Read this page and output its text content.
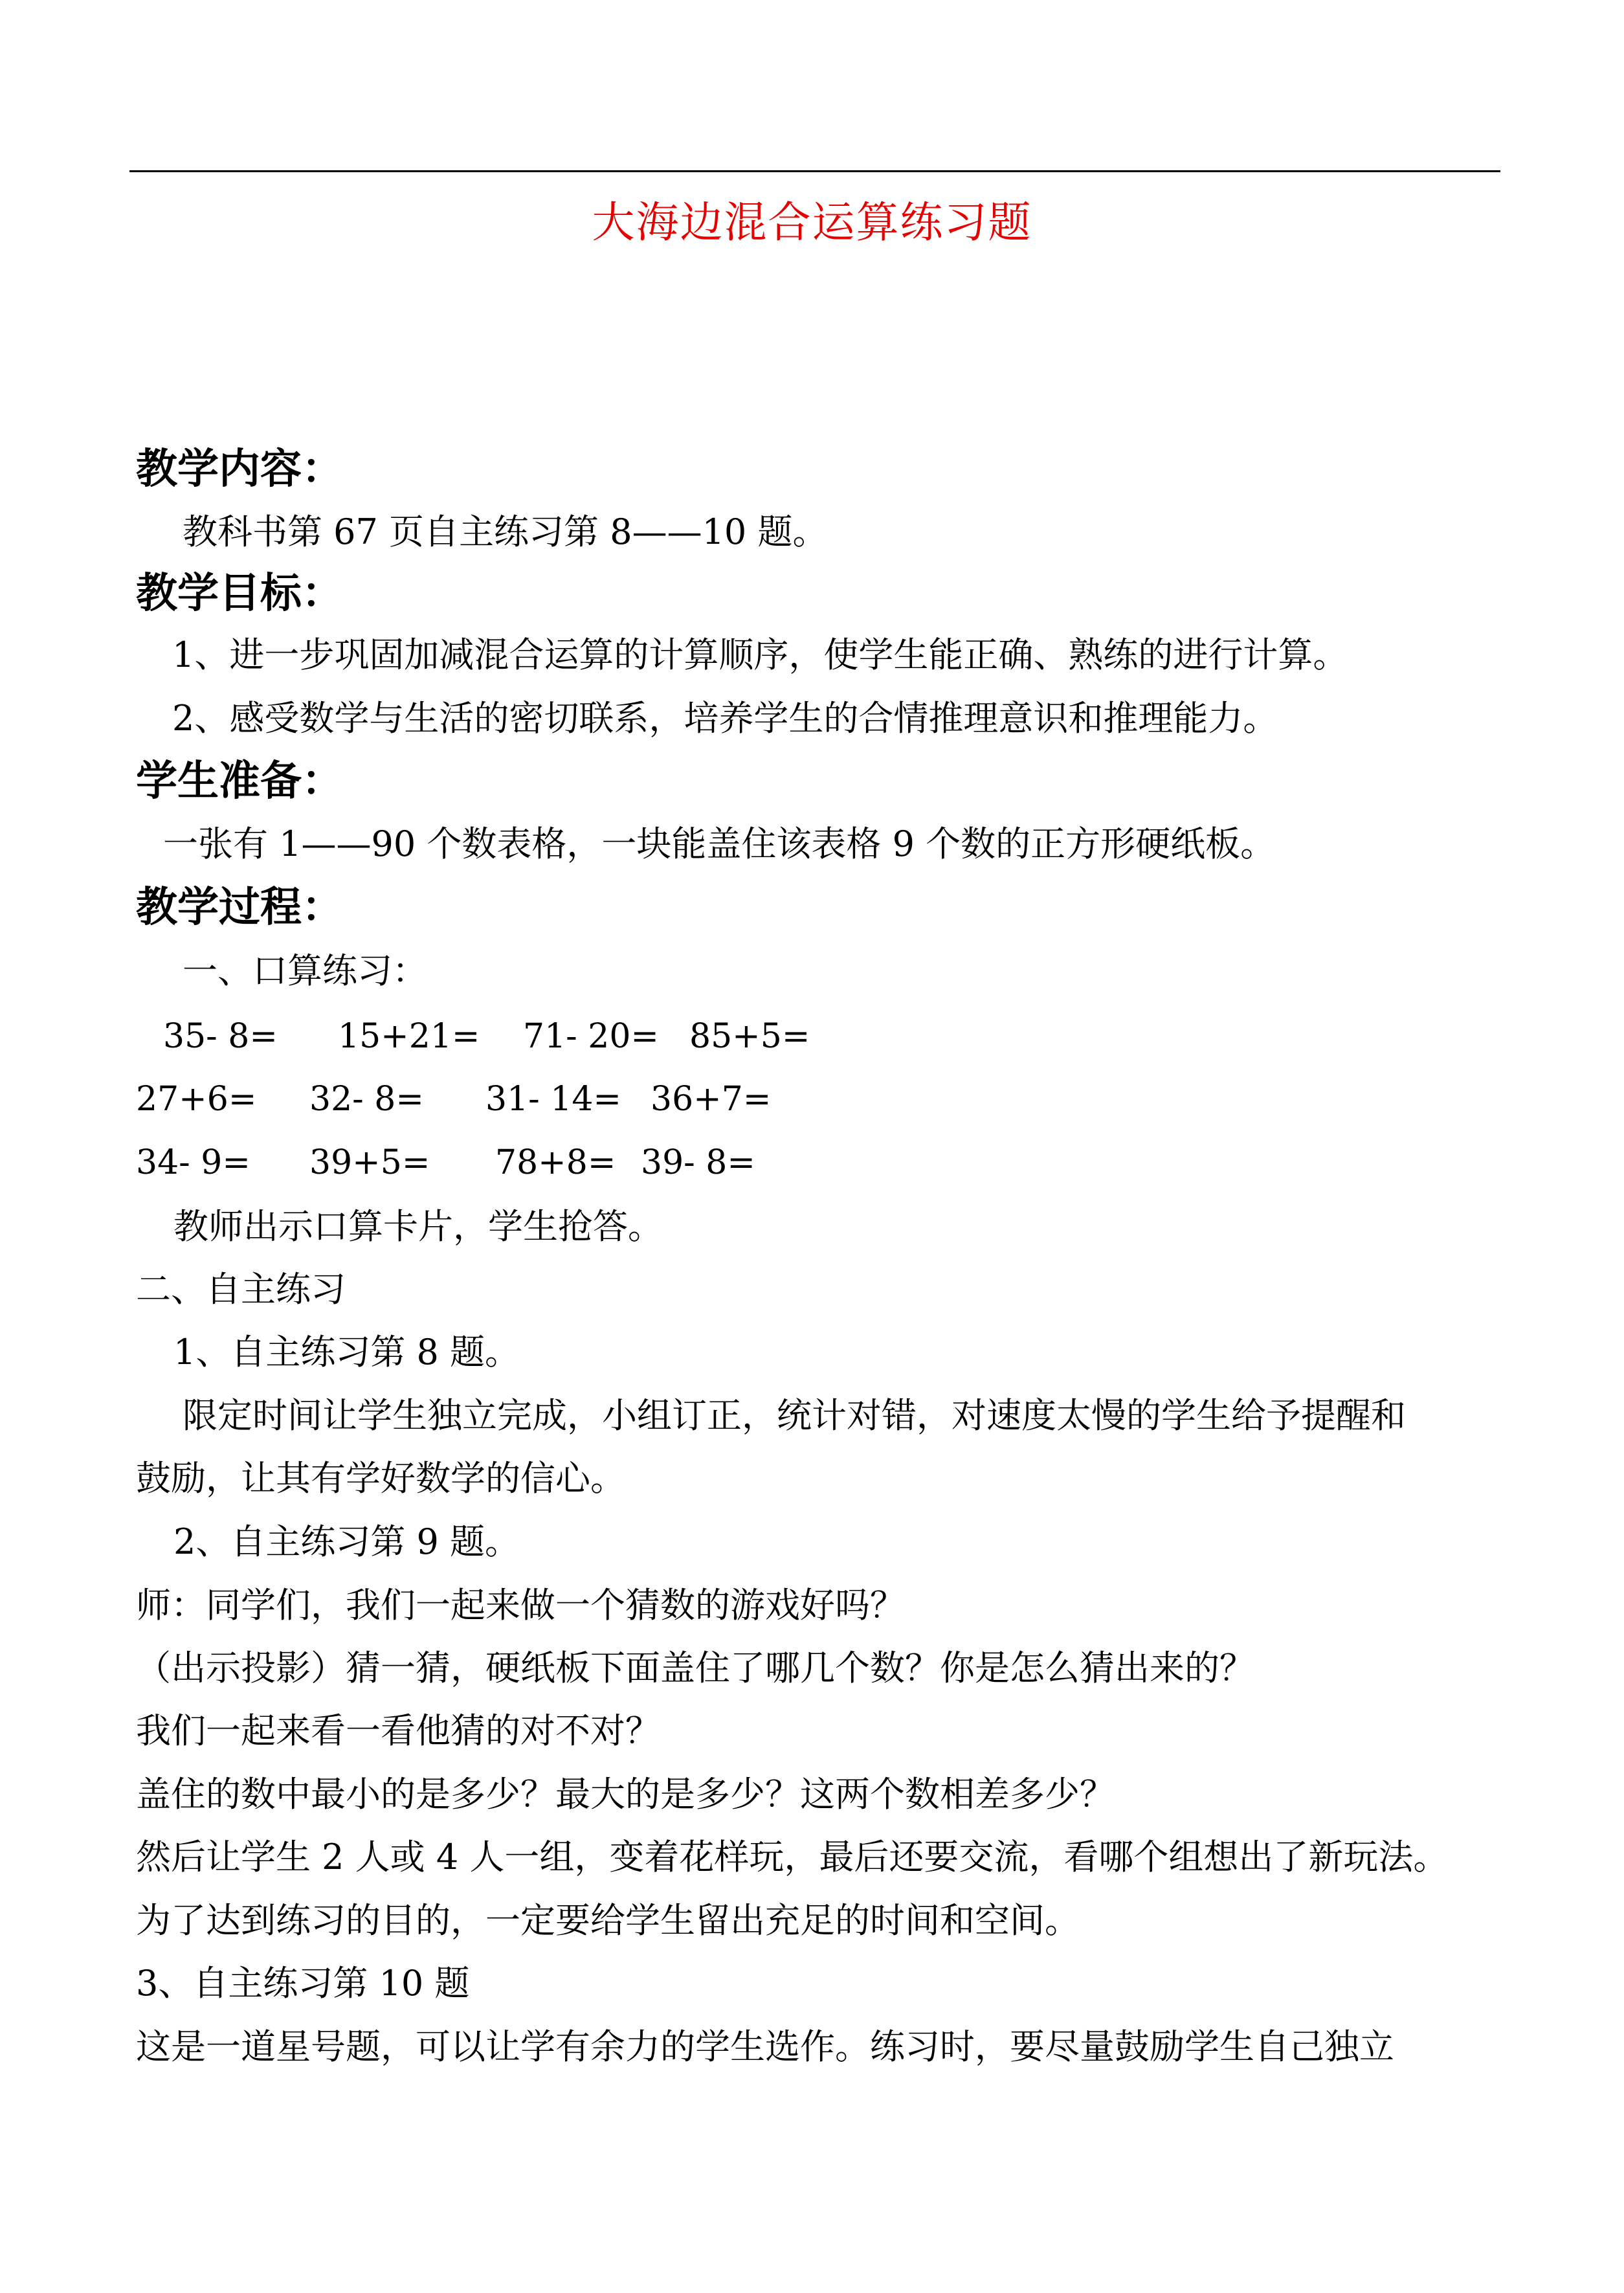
大海边混合运算练习题
教学内容：
教科书第 67 页自主练习第 8——10 题。
教学目标：
1、进一步巩固加减混合运算的计算顺序，使学生能正确、熟练的进行计算。
2、感受数学与生活的密切联系，培养学生的合情推理意识和推理能力。
学生准备：
一张有 1——90 个数表格，一块能盖住该表格 9 个数的正方形硬纸板。
教学过程：
一、口算练习：
35- 8= 15+21= 71- 20= 85+5=
27+6= 32- 8= 31- 14= 36+7=
34- 9= 39+5= 78+8= 39- 8=
教师出示口算卡片，学生抢答。
二、自主练习
1、自主练习第 8 题。
限定时间让学生独立完成，小组订正，统计对错，对速度太慢的学生给予提醒和
鼓励，让其有学好数学的信心。
2、自主练习第 9 题。
师：同学们，我们一起来做一个猜数的游戏好吗？
（出示投影）猜一猜，硬纸板下面盖住了哪几个数？你是怎么猜出来的？
我们一起来看一看他猜的对不对？
盖住的数中最小的是多少？最大的是多少？这两个数相差多少？
然后让学生 2 人或 4 人一组，变着花样玩，最后还要交流，看哪个组想出了新玩法。
为了达到练习的目的，一定要给学生留出充足的时间和空间。
3、自主练习第 10 题
这是一道星号题，可以让学有余力的学生选作。练习时，要尽量鼓励学生自己独立
